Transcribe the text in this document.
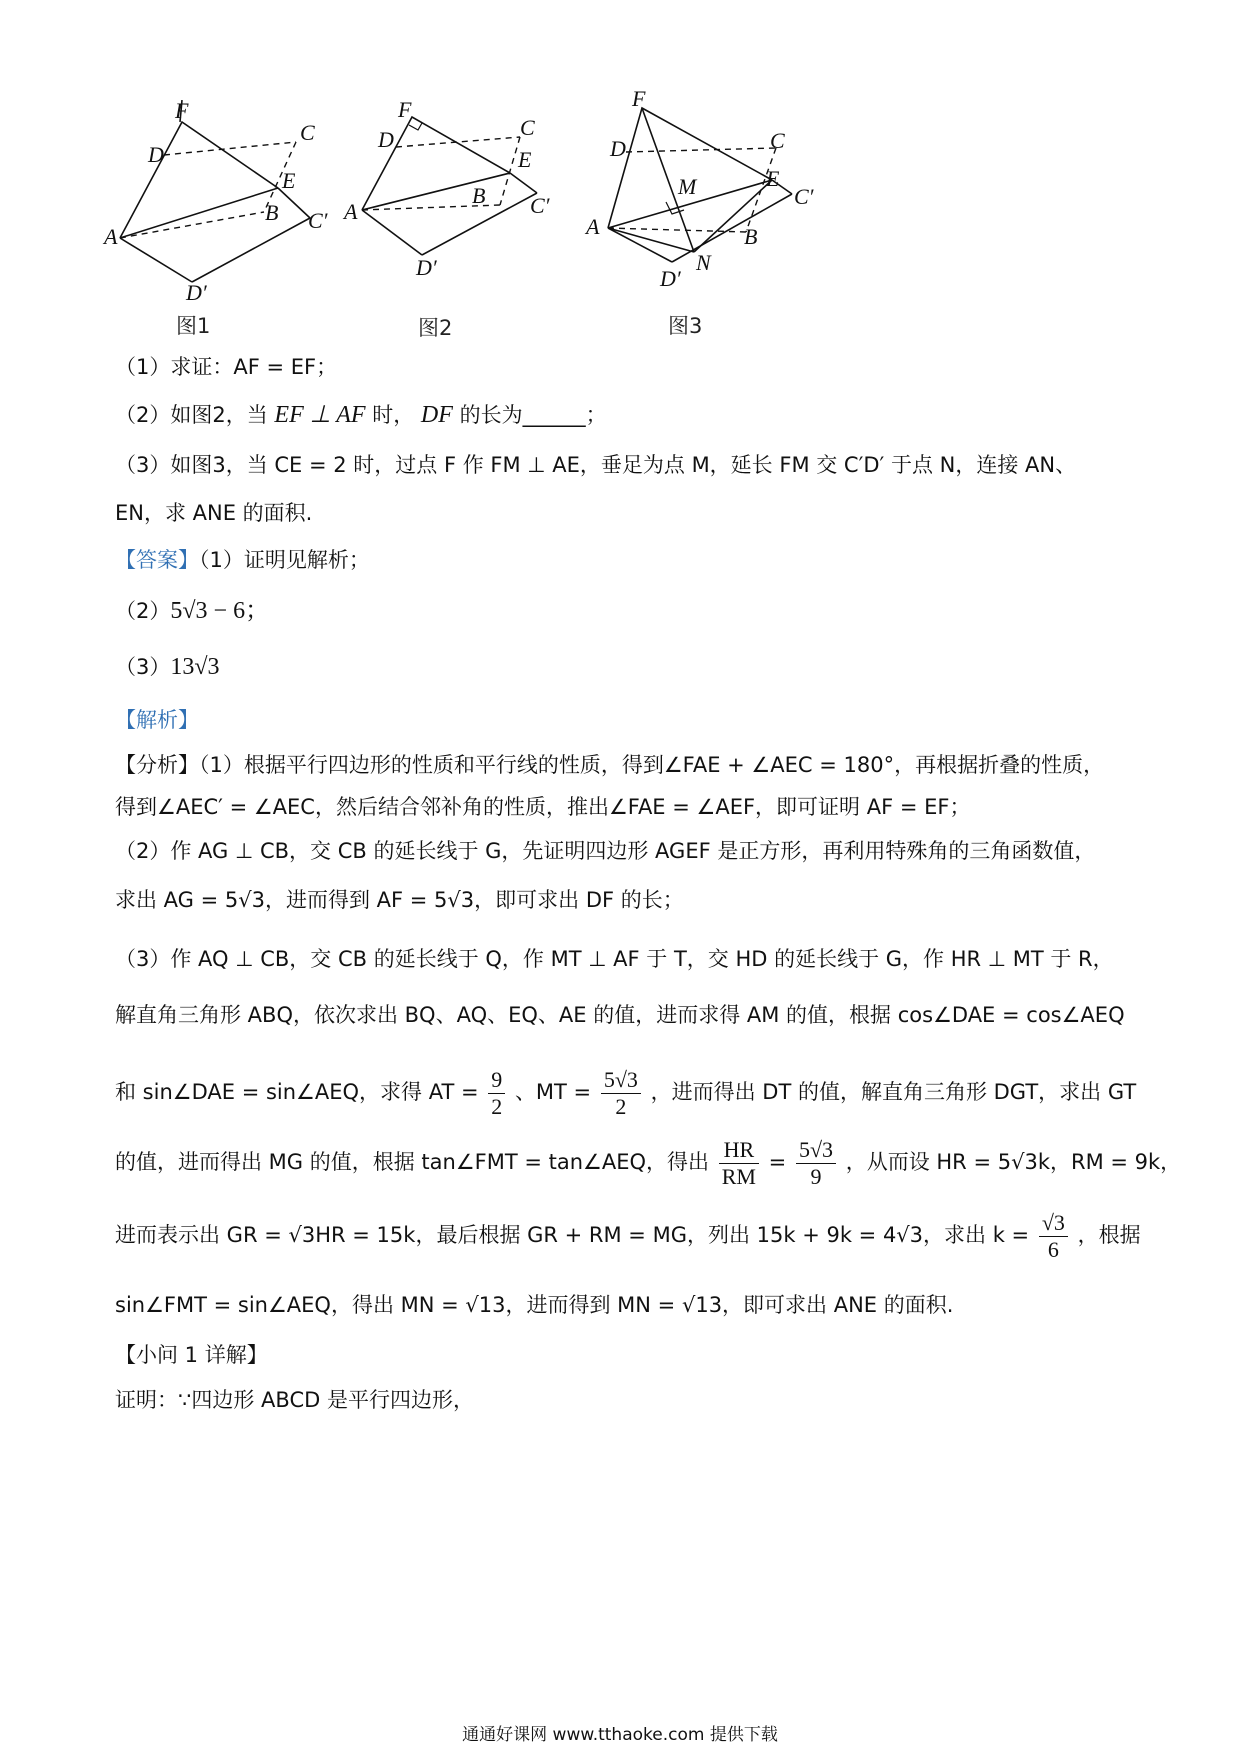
F
D
C
E
B C′
A
D′
图1
F
D	C
E
B C′
A
D′
图2
F
D	C
E
M	C′
A	B
N
D′
图3
（1）求证：AF = EF；
（2）如图2，当 EF ⊥ AF 时， DF 的长为______；
（3）如图3，当 CE = 2 时，过点 F 作 FM ⊥ AE，垂足为点 M，延长 FM 交 C′D′ 于点 N，连接 AN、
EN，求 ANE 的面积.
【答案】（1）证明见解析；
（2）5√3 − 6；
（3）13√3
【解析】
【分析】（1）根据平行四边形的性质和平行线的性质，得到∠FAE + ∠AEC = 180°，再根据折叠的性质，
得到∠AEC′ = ∠AEC，然后结合邻补角的性质，推出∠FAE = ∠AEF，即可证明 AF = EF；
（2）作 AG ⊥ CB，交 CB 的延长线于 G，先证明四边形 AGEF 是正方形，再利用特殊角的三角函数值，
求出 AG = 5√3，进而得到 AF = 5√3，即可求出 DF 的长；
（3）作 AQ ⊥ CB，交 CB 的延长线于 Q，作 MT ⊥ AF 于 T，交 HD 的延长线于 G，作 HR ⊥ MT 于 R，
解直角三角形 ABQ，依次求出 BQ、AQ、EQ、AE 的值，进而求得 AM 的值，根据 cos∠DAE = cos∠AEQ
和 sin∠DAE = sin∠AEQ，求得 AT = $\frac{9}{2}$ 、MT = $\frac{5√3}{2}$ ，进而得出 DT 的值，解直角三角形 DGT，求出 GT
的值，进而得出 MG 的值，根据 tan∠FMT = tan∠AEQ，得出 $\frac{HR}{RM} = \frac{5√3}{9}$ ，从而设 HR = 5√3k，RM = 9k，
进而表示出 GR = √3HR = 15k，最后根据 GR + RM = MG，列出 15k + 9k = 4√3，求出 $k = \frac{√3}{6}$ ，根据
sin∠FMT = sin∠AEQ，得出 MN = √13，进而得到 MN = √13，即可求出 ANE 的面积.
【小问 1 详解】
证明：∵四边形 ABCD 是平行四边形，
通通好课网 www.tthaoke.com 提供下载
